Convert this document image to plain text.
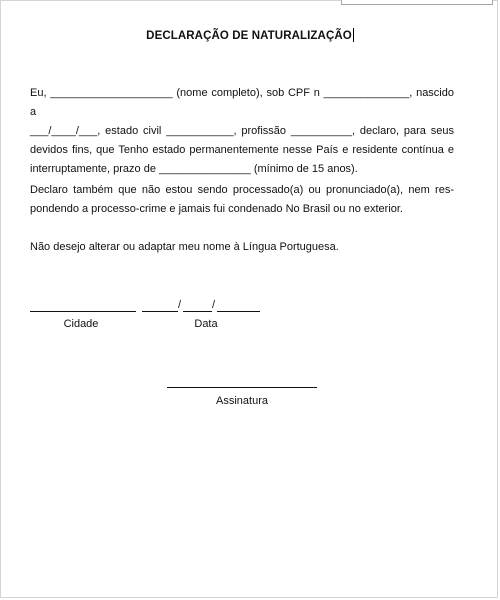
DECLARAÇÃO DE NATURALIZAÇÃO

Eu, ____________________ (nome completo), sob CPF n ______________, nascido a
___/____/___, estado civil ___________, profissão __________, declaro, para seus
devidos fins, que Tenho estado permanentemente nesse País e residente contínua e
interruptamente, prazo de _______________ (mínimo de 15 anos).

Declaro também que não estou sendo processado(a) ou pronunciado(a), nem res-
pondendo a processo-crime e jamais fui condenado No Brasil ou no exterior.

Não desejo alterar ou adaptar meu nome à Língua Portuguesa.

/	/
Cidade	Data
Assinatura
